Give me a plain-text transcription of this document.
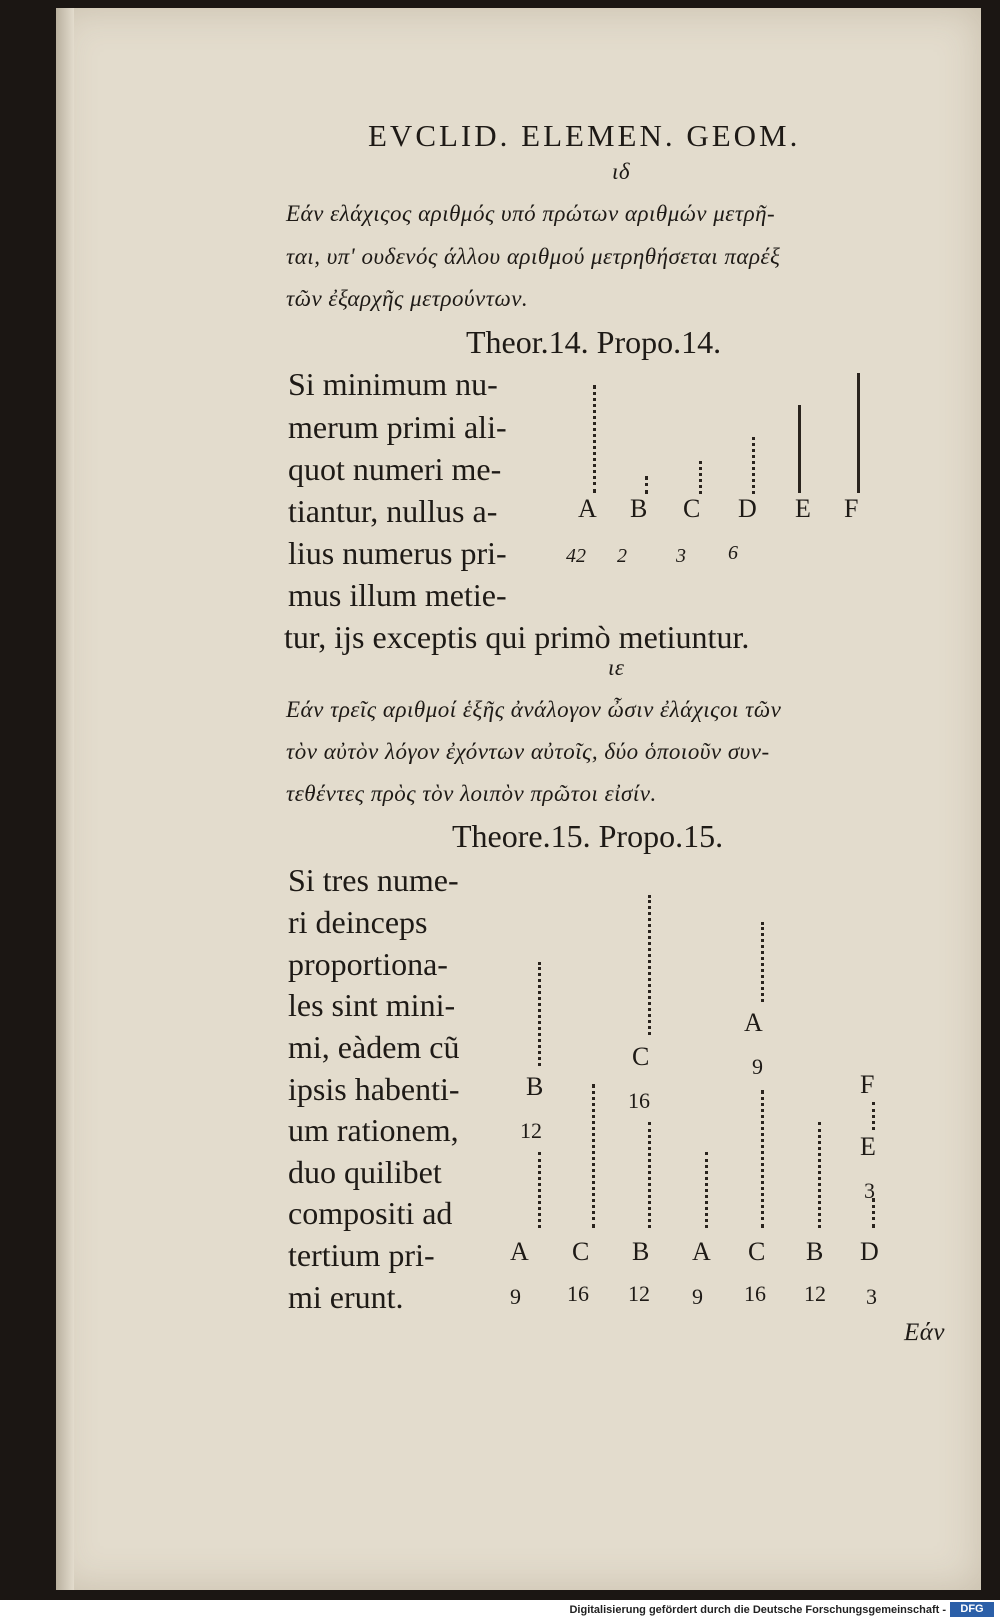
EVCLID. ELEMEN. GEOM.
ιδ
Εάν ελάχιςος αριθμός υπό πρώτων αριθμών μετρῆ-
ται, υπ' ουδενός άλλου αριθμού μετρηθήσεται παρέξ
τῶν ἐξαρχῆς μετρούντων.
Theor.14. Propo.14.
Si minimum nu-
merum primi ali-
quot numeri me-
tiantur, nullus a-
lius numerus pri-
mus illum metie-
tur, ijs exceptis qui primò metiuntur.
A B C D E F
42 2 3 6
ιε
Εάν τρεῖς αριθμοί ἑξῆς ἀνάλογον ὦσιν ἐλάχιςοι τῶν
τὸν αὐτὸν λόγον ἐχόντων αὐτοῖς, δύο ὁποιοῦν συν-
τεθέντες πρὸς τὸν λοιπὸν πρῶτοι εἰσίν.
Theore.15. Propo.15.
Si tres nume-
ri deinceps
proportiona-
les sint mini-
mi, eàdem cũ
ipsis habenti-
um rationem,
duo quilibet
compositi ad
tertium pri-
mi erunt.
B
12
C
16
A
9
F
E
3
A C B A C B D
9 16 12 9 16 12 3
Εάν
Digitalisierung gefördert durch die Deutsche Forschungsgemeinschaft -	DFG
